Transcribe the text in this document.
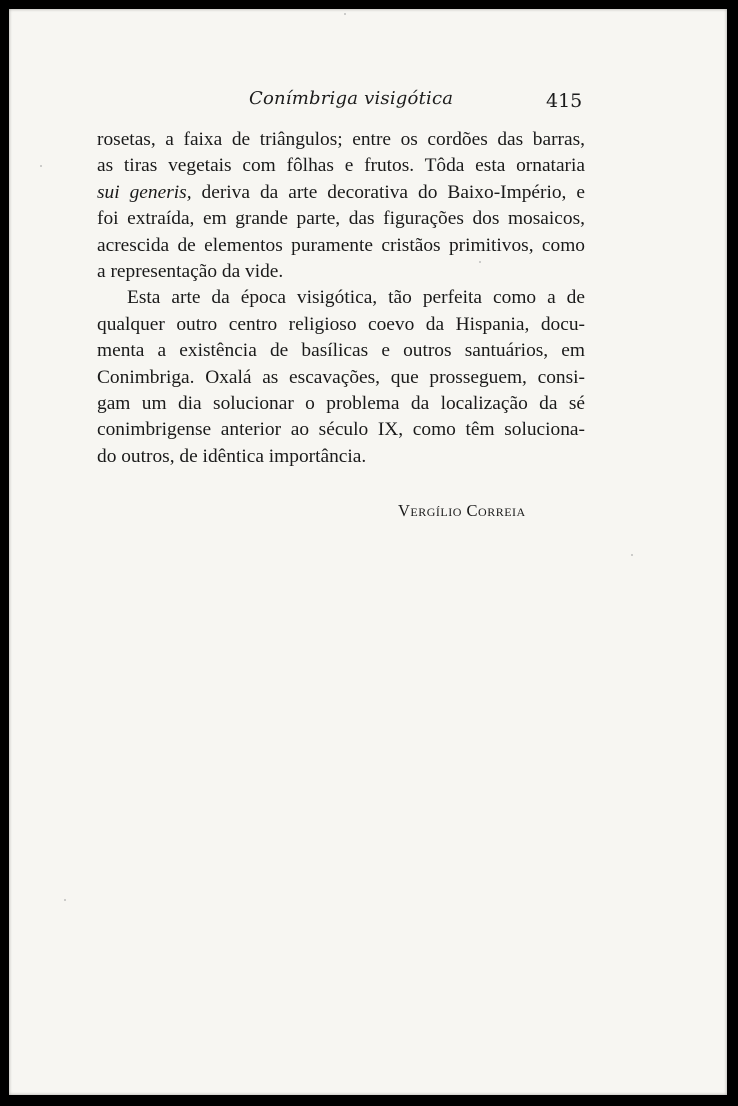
Conímbriga visigótica	415
rosetas, a faixa de triângulos; entre os cordões das barras,
as tiras vegetais com fôlhas e frutos. Tôda esta ornataria
sui generis, deriva da arte decorativa do Baixo-Império, e
foi extraída, em grande parte, das figurações dos mosaicos,
acrescida de elementos puramente cristãos primitivos, como
a representação da vide.
Esta arte da época visigótica, tão perfeita como a de
qualquer outro centro religioso coevo da Hispania, docu-
menta a existência de basílicas e outros santuários, em
Conimbriga. Oxalá as escavações, que prosseguem, consi-
gam um dia solucionar o problema da localização da sé
conimbrigense anterior ao século IX, como têm soluciona-
do outros, de idêntica importância.
Vergílio Correia
